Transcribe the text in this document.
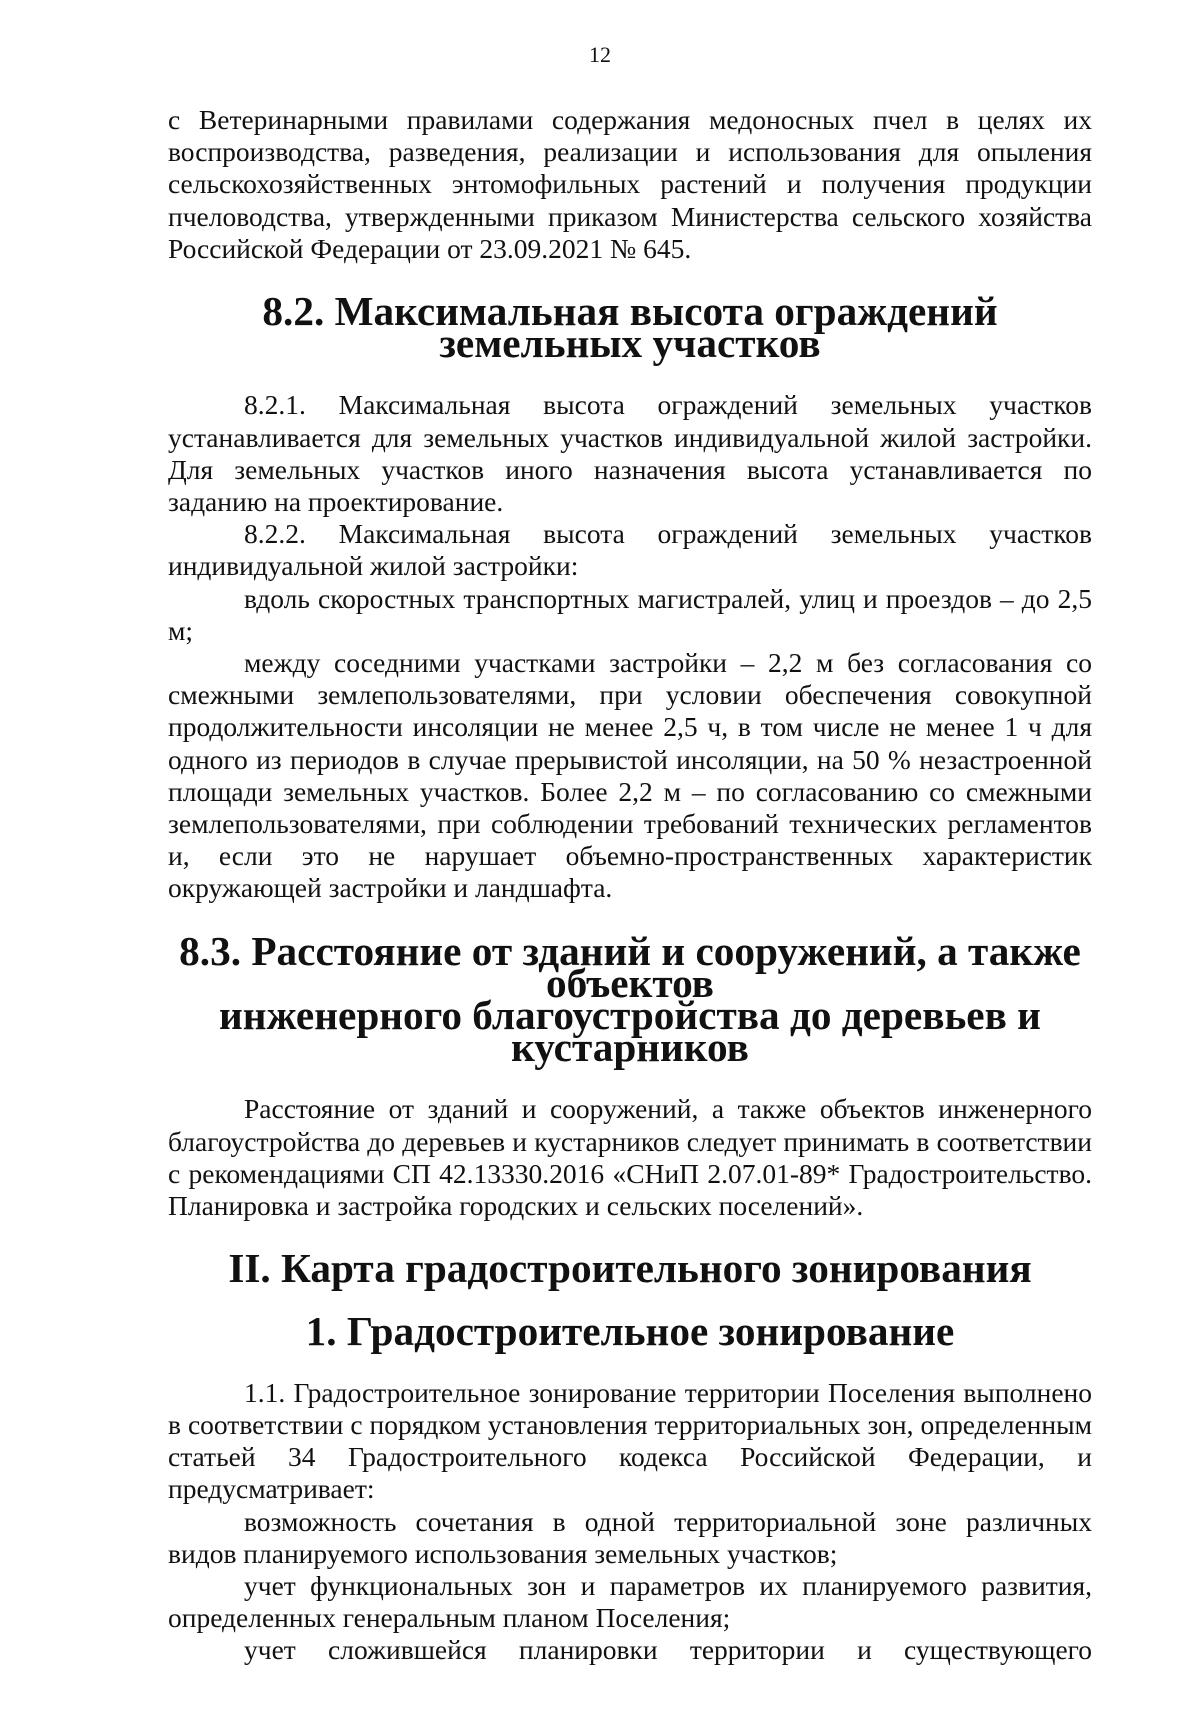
12

с Ветеринарными правилами содержания медоносных пчел в целях их воспроизводства, разведения, реализации и использования для опыления сельскохозяйственных энтомофильных растений и получения продукции пчеловодства, утвержденными приказом Министерства сельского хозяйства Российской Федерации от 23.09.2021 № 645.

8.2. Максимальная высота ограждений земельных участков

8.2.1. Максимальная высота ограждений земельных участков устанавливается для земельных участков индивидуальной жилой застройки. Для земельных участков иного назначения высота устанавливается по заданию на проектирование.

8.2.2. Максимальная высота ограждений земельных участков индивидуальной жилой застройки:

вдоль скоростных транспортных магистралей, улиц и проездов – до 2,5 м;

между соседними участками застройки – 2,2 м без согласования со смежными землепользователями, при условии обеспечения совокупной продолжительности инсоляции не менее 2,5 ч, в том числе не менее 1 ч для одного из периодов в случае прерывистой инсоляции, на 50 % незастроенной площади земельных участков. Более 2,2 м – по согласованию со смежными землепользователями, при соблюдении требований технических регламентов и, если это не нарушает объемно-пространственных характеристик окружающей застройки и ландшафта.

8.3. Расстояние от зданий и сооружений, а также объектов
инженерного благоустройства до деревьев и кустарников

Расстояние от зданий и сооружений, а также объектов инженерного благоустройства до деревьев и кустарников следует принимать в соответствии с рекомендациями СП 42.13330.2016 «СНиП 2.07.01-89* Градостроительство. Планировка и застройка городских и сельских поселений».

II. Карта градостроительного зонирования
1. Градостроительное зонирование

1.1. Градостроительное зонирование территории Поселения выполнено в соответствии с порядком установления территориальных зон, определенным статьей 34 Градостроительного кодекса Российской Федерации, и предусматривает:

возможность сочетания в одной территориальной зоне различных видов планируемого использования земельных участков;

учет функциональных зон и параметров их планируемого развития, определенных генеральным планом Поселения;

учет сложившейся планировки территории и существующего
